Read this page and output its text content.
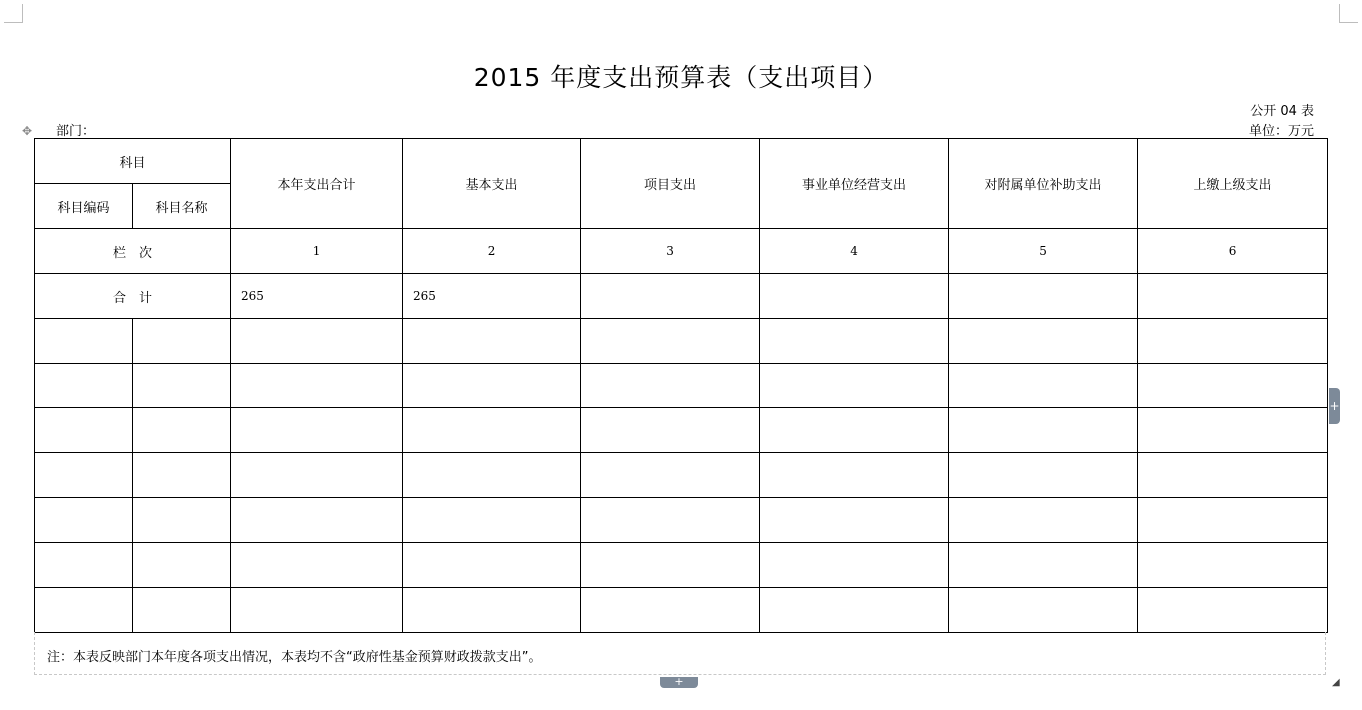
2015 年度支出预算表（支出项目）
公开 04 表
✥ 部门：	单位：万元
科目		本年支出合计	基本支出	项目支出	事业单位经营支出	对附属单位补助支出	上缴上级支出
科目编码	科目名称						
栏　次		1	2	3	4	5	6
合　计		265	265				

注：本表反映部门本年度各项支出情况，本表均不含“政府性基金预算财政拨款支出”。
+
+	◢
